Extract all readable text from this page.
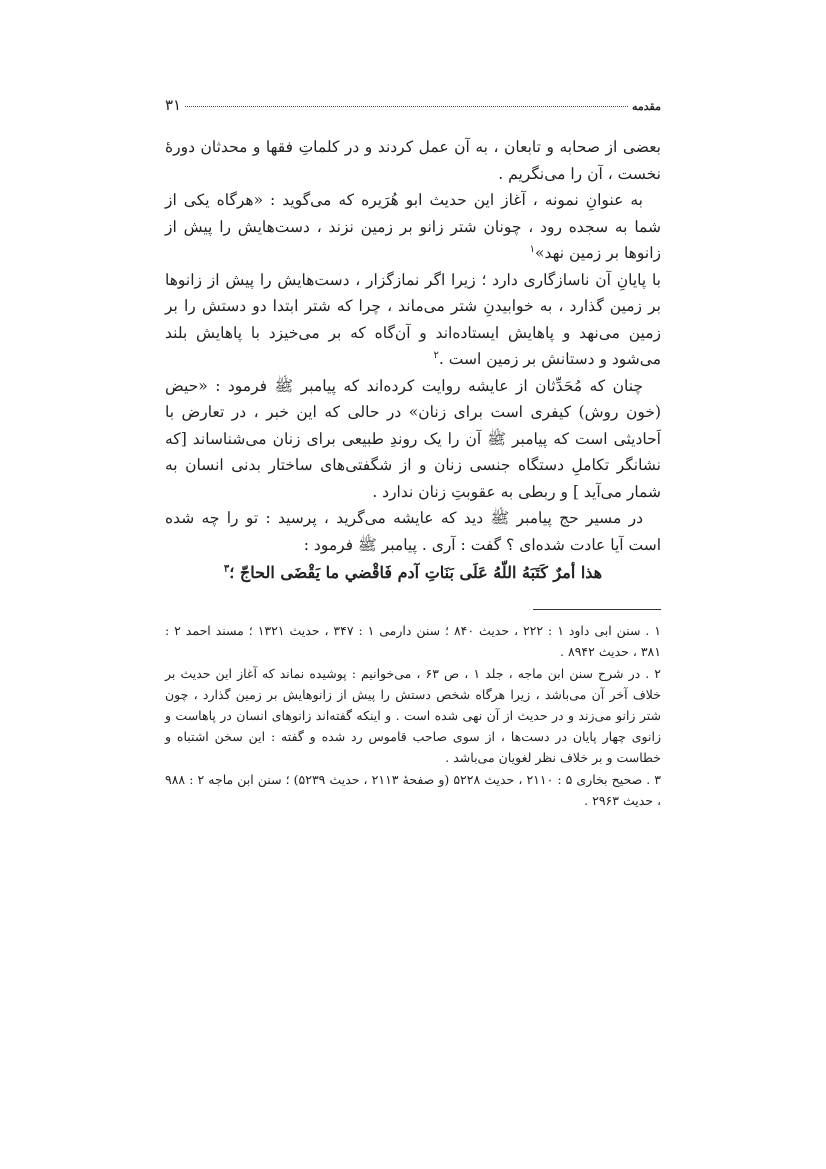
مقدمه
۳۱

بعضی از صحابه و تابعان ، به آن عمل کردند و در کلماتِ فقها و محدثان دورهٔ نخست ، آن را می‌نگریم .

به عنوانِ نمونه ، آغاز این حدیث ابو هُرَیره که می‌گوید : «هرگاه یکی از شما به سجده رود ، چونان شتر زانو بر زمین نزند ، دست‌هایش را پیش از زانوها بر زمین نهد»$^۱$

با پایانِ آن ناسازگاری دارد ؛ زیرا اگر نمازگزار ، دست‌هایش را پیش از زانوها بر زمین گذارد ، به خوابیدنِ شتر می‌ماند ، چرا که شتر ابتدا دو دستش را بر زمین می‌نهد و پاهایش ایستاده‌اند و آن‌گاه که بر می‌خیزد با پاهایش بلند می‌شود و دستانش بر زمین است .$^۲$

چنان که مُحَدِّثان از عایشه روایت کرده‌اند که پیامبر ﷺ فرمود : «حیض (خون روش) کیفری است برای زنان» در حالی که این خبر ، در تعارض با اَحادیثی است که پیامبر ﷺ آن را یک روندِ طبیعی برای زنان می‌شناساند [که نشانگر تکاملِ دستگاه جنسی زنان و از شگفتی‌های ساختار بدنی انسان به شمار می‌آید ] و ربطی به عقوبتِ زنان ندارد .

در مسیر حج پیامبر ﷺ دید که عایشه می‌گرید ، پرسید : تو را چه شده است آیا عادت شده‌ای ؟ گفت : آری . پیامبر ﷺ فرمود :

هذا أمرٌ كَتَبَهُ اللّهُ عَلَى بَنَاتِ آدم فَاقْضي ما يَقْضَى الحاجّ ؛$^۳$

۱ . سنن ابی داود ۱ : ۲۲۲ ، حدیث ۸۴۰ ؛ سنن دارمی ۱ : ۳۴۷ ، حدیث ۱۳۲۱ ؛ مسند احمد ۲ : ۳۸۱ ، حدیث ۸۹۴۲ .

۲ . در شرح سنن ابن ماجه ، جلد ۱ ، ص ۶۳ ، می‌خوانیم : پوشیده نماند که آغاز این حدیث بر خلاف آخر آن می‌باشد ، زیرا هرگاه شخص دستش را پیش از زانوهایش بر زمین گذارد ، چون شتر زانو می‌زند و در حدیث از آن نهی شده است . و اینکه گفته‌اند زانوهای انسان در پاهاست و زانوی چهار پایان در دست‌ها ، از سوی صاحب قاموس رد شده و گفته : این سخن اشتباه و خطاست و بر خلاف نظر لغویان می‌باشد .

۳ . صحیح بخاری ۵ : ۲۱۱۰ ، حدیث ۵۲۲۸ (و صفحهٔ ۲۱۱۳ ، حدیث ۵۲۳۹) ؛ سنن ابن ماجه ۲ : ۹۸۸ ، حدیث ۲۹۶۳ .
